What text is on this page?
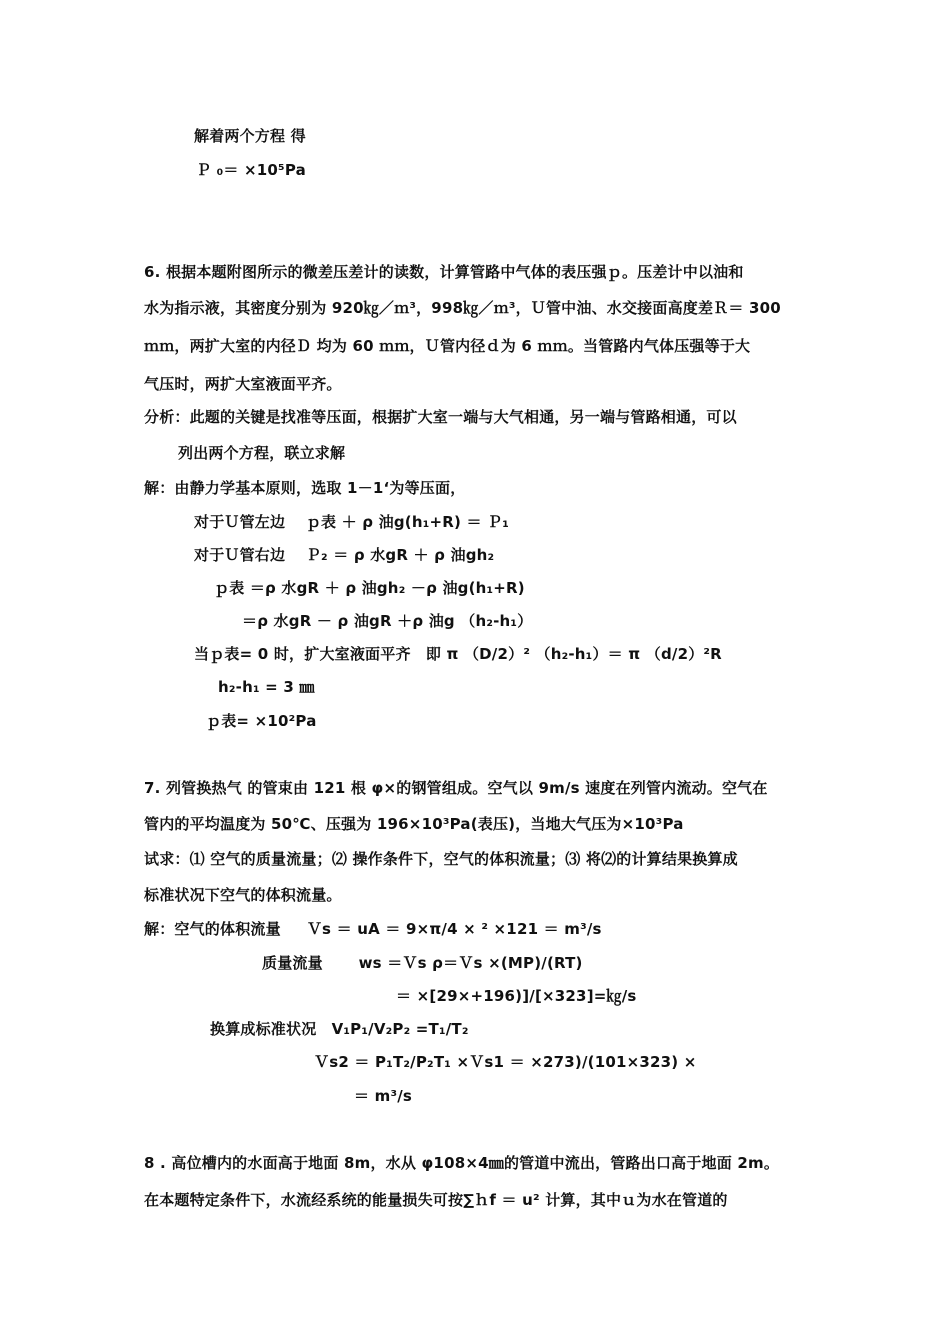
解着两个方程 得
Ｐ ₀＝ ×10⁵Pa
6. 根据本题附图所示的微差压差计的读数，计算管路中气体的表压强ｐ。压差计中以油和
水为指示液，其密度分别为 920㎏／ｍ³，998㎏／ｍ³，Ｕ管中油、水交接面高度差Ｒ＝ 300
ｍｍ，两扩大室的内径Ｄ 均为 60 ｍｍ，Ｕ管内径ｄ为 6 ｍｍ。当管路内气体压强等于大
气压时，两扩大室液面平齐。
分析：此题的关键是找准等压面，根据扩大室一端与大气相通，另一端与管路相通，可以
列出两个方程，联立求解
解：由静力学基本原则，选取 1－1‘为等压面，
对于Ｕ管左边　 ｐ表 ＋ ρ 油g(h₁+R) ＝ Ｐ₁
对于Ｕ管右边　 Ｐ₂ ＝ ρ 水gR ＋ ρ 油gh₂
ｐ表 ＝ρ 水gR ＋ ρ 油gh₂ －ρ 油g(h₁+R)
＝ρ 水gR － ρ 油gR ＋ρ 油g （h₂-h₁）
当ｐ表= 0 时，扩大室液面平齐　即 π （D/2）² （h₂-h₁）＝ π （d/2）²R
h₂-h₁ = 3 ㎜
ｐ表= ×10²Pa
7. 列管换热气 的管束由 121 根 φ×的钢管组成。空气以 9m/s 速度在列管内流动。空气在
管内的平均温度为 50℃、压强为 196×10³Pa(表压)，当地大气压为×10³Pa
试求：⑴ 空气的质量流量；⑵ 操作条件下，空气的体积流量；⑶ 将⑵的计算结果换算成
标准状况下空气的体积流量。
解：空气的体积流量 　 Ｖs ＝ uA ＝ 9×π/4 × ² ×121 ＝ m³/s
质量流量 　　ws ＝Ｖs ρ＝Ｖs ×(MP)/(RT)
＝ ×[29×+196)]/[×323]=㎏/s
换算成标准状况　V₁P₁/V₂P₂ =T₁/T₂
Ｖs2 ＝ P₁T₂/P₂T₁ ×Ｖs1 ＝ ×273)/(101×323) ×
＝ m³/s
8 . 高位槽内的水面高于地面 8m，水从 φ108×4㎜的管道中流出，管路出口高于地面 2m。
在本题特定条件下，水流经系统的能量损失可按∑ｈf ＝ u² 计算，其中ｕ为水在管道的
